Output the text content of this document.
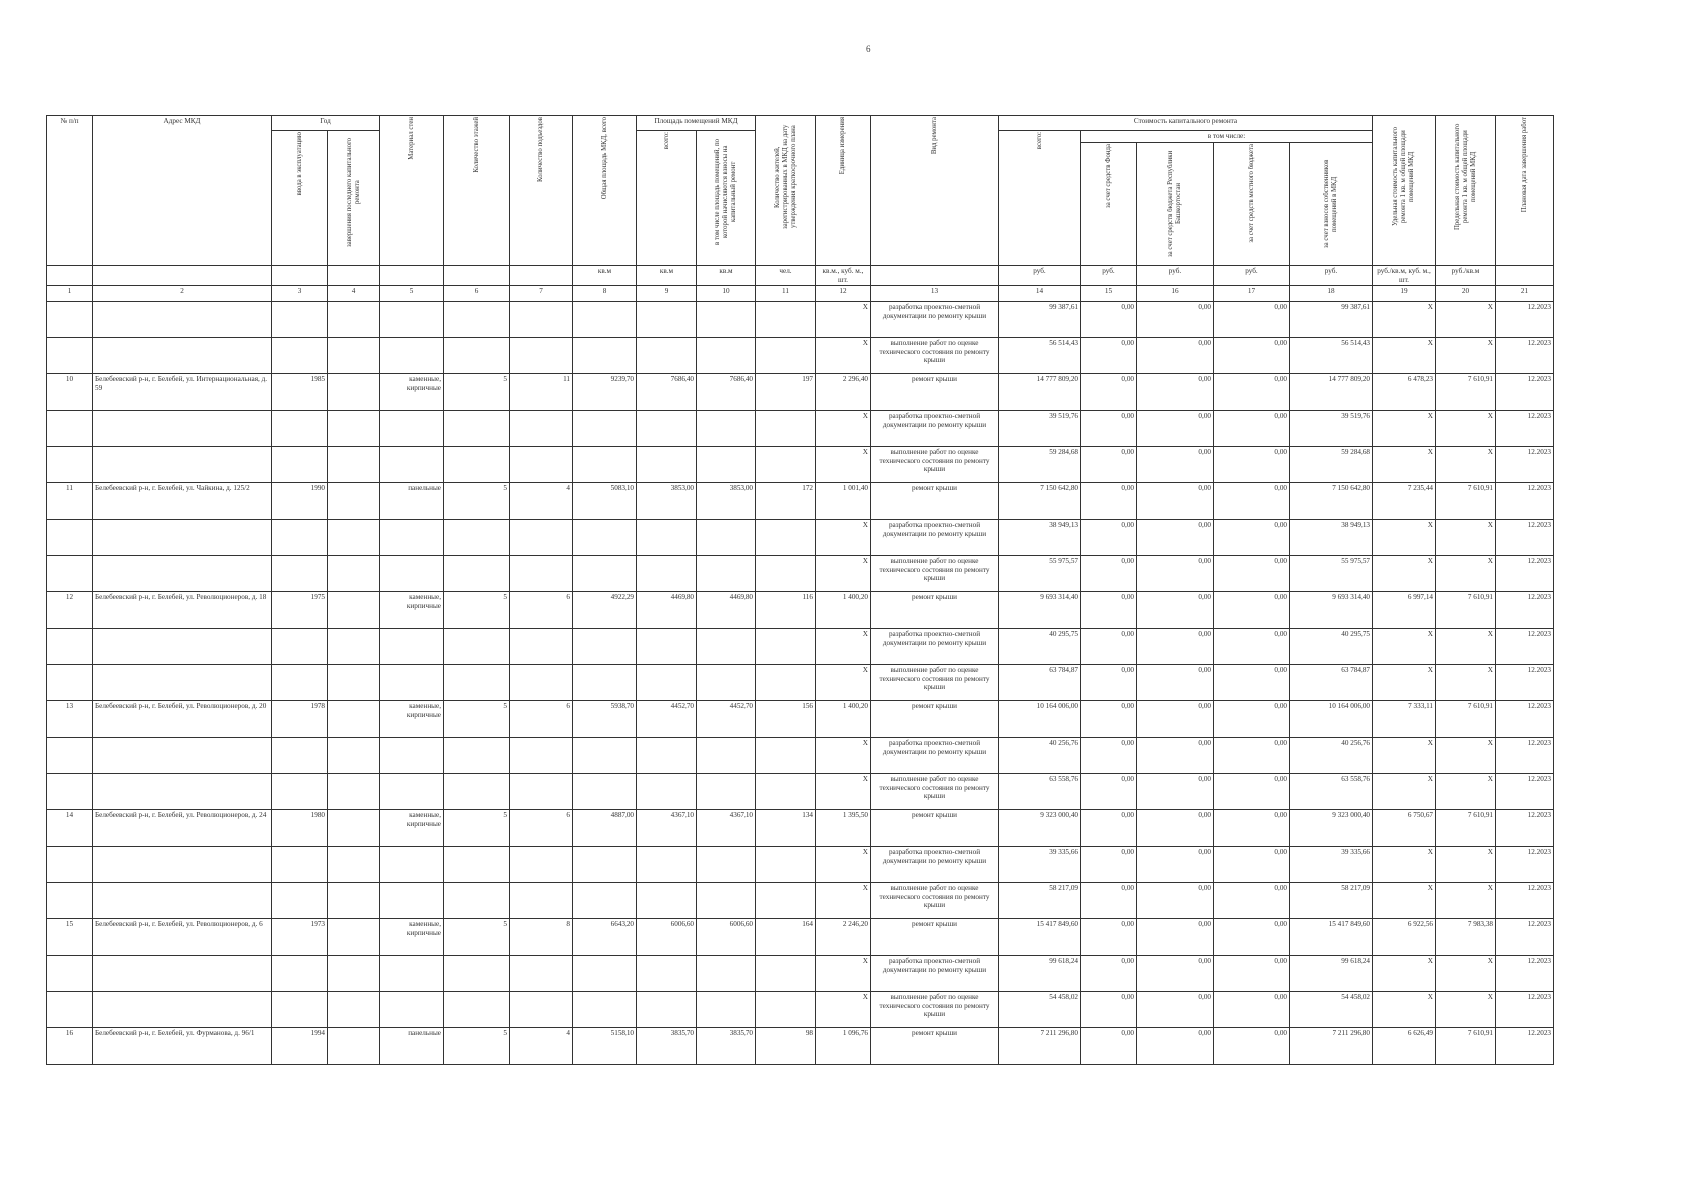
6
№ п/п	Адрес МКД	Год		Материал стен	Количество этажей	Количество подъездов	Общая площадь МКД, всего	Площадь помещений МКД		Количество жителей, зарегистрированных в МКД на дату утверждения краткосрочного плана	Единица измерения	Вид ремонта	Стоимость капитального ремонта					Удельная стоимость капитального ремонта 1 кв. м общей площади помещений МКД	Предельная стоимость капитального ремонта 1 кв. м общей площади помещений МКД	Плановая дата завершения работ

		ввода в эксплуатацию	завершения последнего капитального ремонта					всего:	в том числе площадь помещений, по которой начисляются взносы на капитальный ремонт				всего:	в том числе:						

														за счет средств Фонда	за счет средств бюджета Республики Башкортостан	за счет средств местного бюджета	за счет взносов собственников помещений в МКД			

							кв.м	кв.м	кв.м	чел.	кв.м., куб. м., шт.		руб.	руб.	руб.	руб.	руб.	руб./кв.м, куб. м., шт.	руб./кв.м	
1	2	3	4	5	6	7	8	9	10	11	12	13	14	15	16	17	18	19	20	21
											X	разработка проектно-сметной документации по ремонту крыши	99 387,61	0,00	0,00	0,00	99 387,61	X	X	12.2023
											X	выполнение работ по оценке технического состояния по ремонту крыши	56 514,43	0,00	0,00	0,00	56 514,43	X	X	12.2023
10	Белебеевский р-н, г. Белебей, ул. Интернациональная, д. 59	1985		каменные, кирпичные	5	11	9239,70	7686,40	7686,40	197	2 296,40	ремонт крыши	14 777 809,20	0,00	0,00	0,00	14 777 809,20	6 478,23	7 610,91	12.2023
											X	разработка проектно-сметной документации по ремонту крыши	39 519,76	0,00	0,00	0,00	39 519,76	X	X	12.2023
											X	выполнение работ по оценке технического состояния по ремонту крыши	59 284,68	0,00	0,00	0,00	59 284,68	X	X	12.2023
11	Белебеевский р-н, г. Белебей, ул. Чайкина, д. 125/2	1990		панельные	5	4	5083,10	3853,00	3853,00	172	1 001,40	ремонт крыши	7 150 642,80	0,00	0,00	0,00	7 150 642,80	7 235,44	7 610,91	12.2023
											X	разработка проектно-сметной документации по ремонту крыши	38 949,13	0,00	0,00	0,00	38 949,13	X	X	12.2023
											X	выполнение работ по оценке технического состояния по ремонту крыши	55 975,57	0,00	0,00	0,00	55 975,57	X	X	12.2023
12	Белебеевский р-н, г. Белебей, ул. Революционеров, д. 18	1975		каменные, кирпичные	5	6	4922,29	4469,80	4469,80	116	1 400,20	ремонт крыши	9 693 314,40	0,00	0,00	0,00	9 693 314,40	6 997,14	7 610,91	12.2023
											X	разработка проектно-сметной документации по ремонту крыши	40 295,75	0,00	0,00	0,00	40 295,75	X	X	12.2023
											X	выполнение работ по оценке технического состояния по ремонту крыши	63 784,87	0,00	0,00	0,00	63 784,87	X	X	12.2023
13	Белебеевский р-н, г. Белебей, ул. Революционеров, д. 20	1978		каменные, кирпичные	5	6	5938,70	4452,70	4452,70	156	1 400,20	ремонт крыши	10 164 006,00	0,00	0,00	0,00	10 164 006,00	7 333,11	7 610,91	12.2023
											X	разработка проектно-сметной документации по ремонту крыши	40 256,76	0,00	0,00	0,00	40 256,76	X	X	12.2023
											X	выполнение работ по оценке технического состояния по ремонту крыши	63 558,76	0,00	0,00	0,00	63 558,76	X	X	12.2023
14	Белебеевский р-н, г. Белебей, ул. Революционеров, д. 24	1980		каменные, кирпичные	5	6	4887,00	4367,10	4367,10	134	1 395,50	ремонт крыши	9 323 000,40	0,00	0,00	0,00	9 323 000,40	6 750,67	7 610,91	12.2023
											X	разработка проектно-сметной документации по ремонту крыши	39 335,66	0,00	0,00	0,00	39 335,66	X	X	12.2023
											X	выполнение работ по оценке технического состояния по ремонту крыши	58 217,09	0,00	0,00	0,00	58 217,09	X	X	12.2023
15	Белебеевский р-н, г. Белебей, ул. Революционеров, д. 6	1973		каменные, кирпичные	5	8	6643,20	6006,60	6006,60	164	2 246,20	ремонт крыши	15 417 849,60	0,00	0,00	0,00	15 417 849,60	6 922,56	7 983,38	12.2023
											X	разработка проектно-сметной документации по ремонту крыши	99 618,24	0,00	0,00	0,00	99 618,24	X	X	12.2023
											X	выполнение работ по оценке технического состояния по ремонту крыши	54 458,02	0,00	0,00	0,00	54 458,02	X	X	12.2023
16	Белебеевский р-н, г. Белебей, ул. Фурманова, д. 96/1	1994		панельные	5	4	5158,10	3835,70	3835,70	98	1 096,76	ремонт крыши	7 211 296,80	0,00	0,00	0,00	7 211 296,80	6 626,49	7 610,91	12.2023
